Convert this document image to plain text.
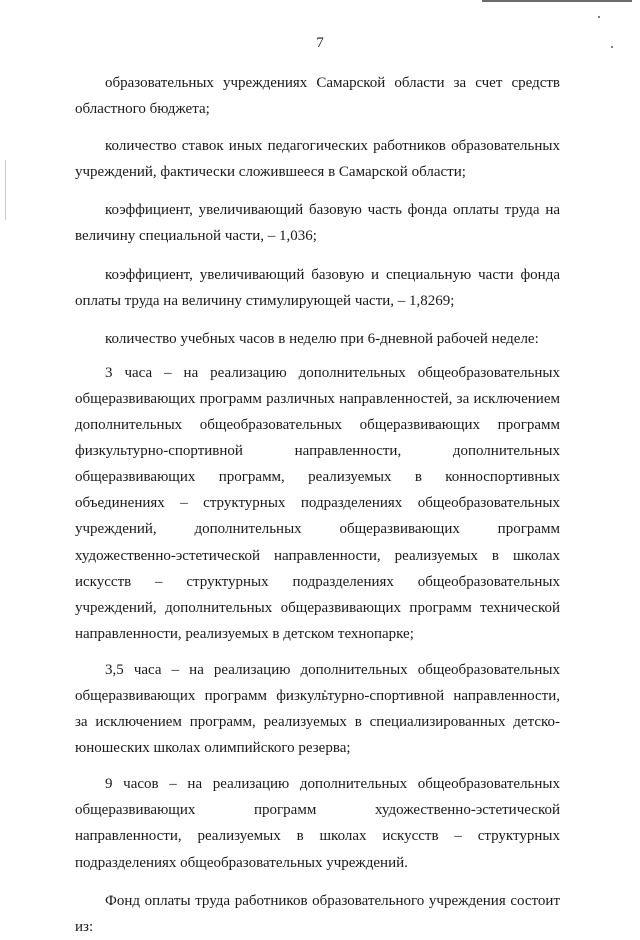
7
образовательных учреждениях Самарской области за счет средств
областного бюджета;
количество ставок иных педагогических работников образовательных
учреждений, фактически сложившееся в Самарской области;
коэффициент, увеличивающий базовую часть фонда оплаты труда на
величину специальной части, – 1,036;
коэффициент, увеличивающий базовую и специальную части фонда
оплаты труда на величину стимулирующей части, – 1,8269;
количество учебных часов в неделю при 6-дневной рабочей неделе:
3 часа – на реализацию дополнительных общеобразовательных
общеразвивающих программ различных направленностей, за исключением
дополнительных общеобразовательных общеразвивающих программ
физкультурно-спортивной направленности, дополнительных
общеразвивающих программ, реализуемых в конноспортивных
объединениях – структурных подразделениях общеобразовательных
учреждений, дополнительных общеразвивающих программ
художественно-эстетической направленности, реализуемых в школах
искусств – структурных подразделениях общеобразовательных
учреждений, дополнительных общеразвивающих программ технической
направленности, реализуемых в детском технопарке;
3,5 часа – на реализацию дополнительных общеобразовательных
общеразвивающих программ физкультурно-спортивной направленности,
за исключением программ, реализуемых в специализированных детско-
юношеских школах олимпийского резерва;
9 часов – на реализацию дополнительных общеобразовательных
общеразвивающих программ художественно-эстетической
направленности, реализуемых в школах искусств – структурных
подразделениях общеобразовательных учреждений.
Фонд оплаты труда работников образовательного учреждения состоит
из:
